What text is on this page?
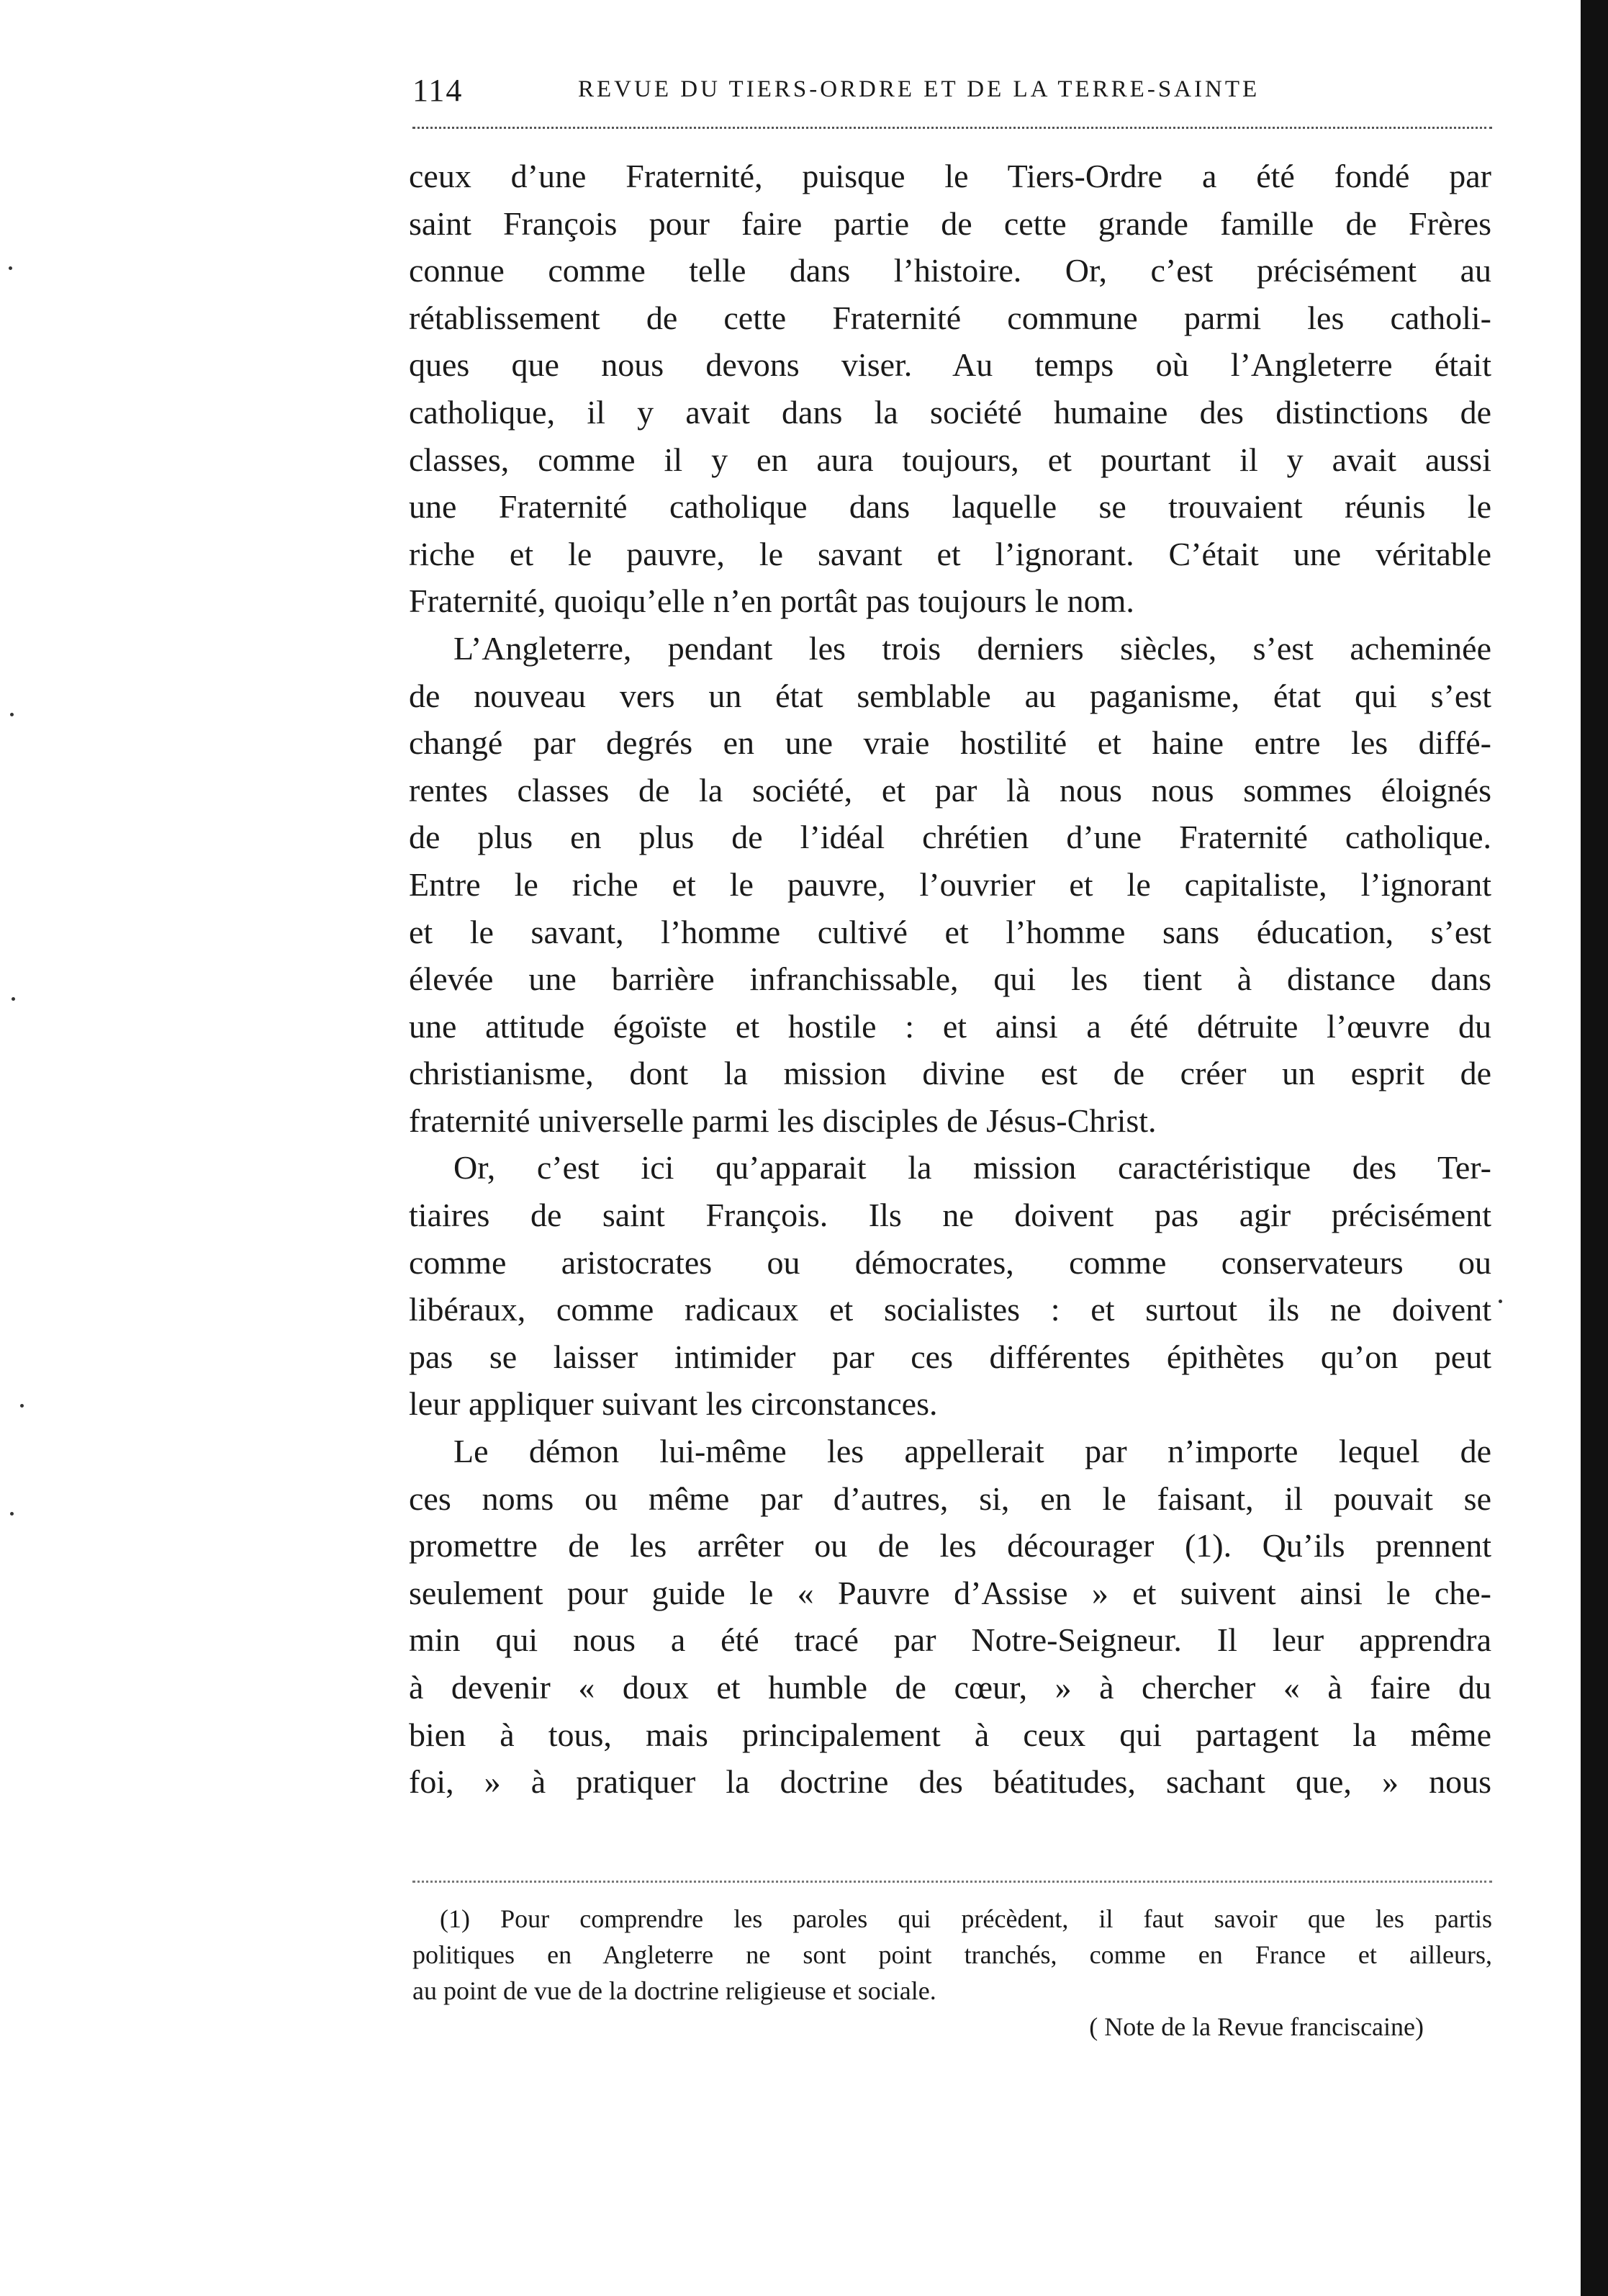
114	REVUE DU TIERS-ORDRE ET DE LA TERRE-SAINTE
ceux d’une Fraternité, puisque le Tiers-Ordre a été fondé par
saint François pour faire partie de cette grande famille de Frères
connue comme telle dans l’histoire. Or, c’est précisément au
rétablissement de cette Fraternité commune parmi les catholi-
ques que nous devons viser. Au temps où l’Angleterre était
catholique, il y avait dans la société humaine des distinctions de
classes, comme il y en aura toujours, et pourtant il y avait aussi
une Fraternité catholique dans laquelle se trouvaient réunis le
riche et le pauvre, le savant et l’ignorant. C’était une véritable
Fraternité, quoiqu’elle n’en portât pas toujours le nom.
L’Angleterre, pendant les trois derniers siècles, s’est acheminée
de nouveau vers un état semblable au paganisme, état qui s’est
changé par degrés en une vraie hostilité et haine entre les diffé-
rentes classes de la société, et par là nous nous sommes éloignés
de plus en plus de l’idéal chrétien d’une Fraternité catholique.
Entre le riche et le pauvre, l’ouvrier et le capitaliste, l’ignorant
et le savant, l’homme cultivé et l’homme sans éducation, s’est
élevée une barrière infranchissable, qui les tient à distance dans
une attitude égoïste et hostile : et ainsi a été détruite l’œuvre du
christianisme, dont la mission divine est de créer un esprit de
fraternité universelle parmi les disciples de Jésus-Christ.
Or, c’est ici qu’apparait la mission caractéristique des Ter-
tiaires de saint François. Ils ne doivent pas agir précisément
comme aristocrates ou démocrates, comme conservateurs ou
libéraux, comme radicaux et socialistes : et surtout ils ne doivent
pas se laisser intimider par ces différentes épithètes qu’on peut
leur appliquer suivant les circonstances.
Le démon lui-même les appellerait par n’importe lequel de
ces noms ou même par d’autres, si, en le faisant, il pouvait se
promettre de les arrêter ou de les décourager (1). Qu’ils prennent
seulement pour guide le « Pauvre d’Assise » et suivent ainsi le che-
min qui nous a été tracé par Notre-Seigneur. Il leur apprendra
à devenir « doux et humble de cœur, » à chercher « à faire du
bien à tous, mais principalement à ceux qui partagent la même
foi, » à pratiquer la doctrine des béatitudes, sachant que, » nous
(1) Pour comprendre les paroles qui précèdent, il faut savoir que les partis
politiques en Angleterre ne sont point tranchés, comme en France et ailleurs,
au point de vue de la doctrine religieuse et sociale.
( Note de la Revue franciscaine)
